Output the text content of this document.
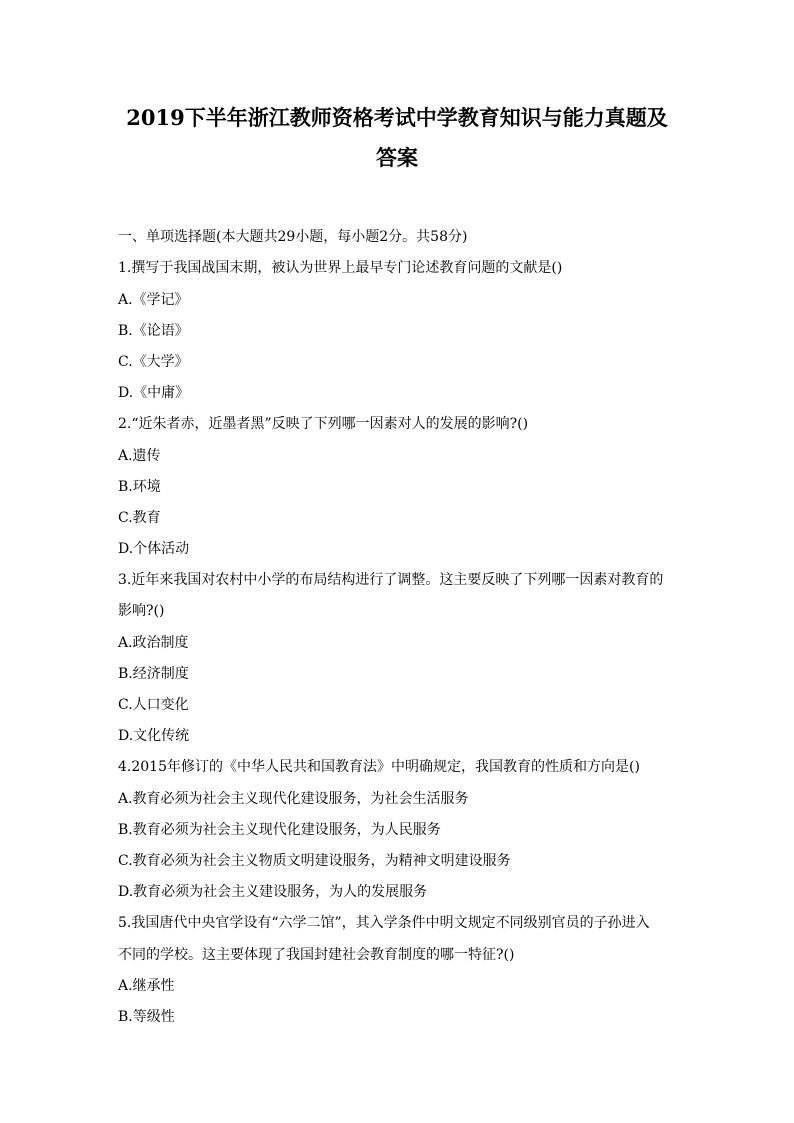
2019下半年浙江教师资格考试中学教育知识与能力真题及
答案
一、单项选择题(本大题共29小题，每小题2分。共58分)
1.撰写于我国战国末期，被认为世界上最早专门论述教育问题的文献是()
A.《学记》
B.《论语》
C.《大学》
D.《中庸》
2.“近朱者赤，近墨者黑”反映了下列哪一因素对人的发展的影响?()
A.遗传
B.环境
C.教育
D.个体活动
3.近年来我国对农村中小学的布局结构进行了调整。这主要反映了下列哪一因素对教育的
影响?()
A.政治制度
B.经济制度
C.人口变化
D.文化传统
4.2015年修订的《中华人民共和国教育法》中明确规定，我国教育的性质和方向是()
A.教育必须为社会主义现代化建设服务，为社会生活服务
B.教育必须为社会主义现代化建设服务，为人民服务
C.教育必须为社会主义物质文明建设服务，为精神文明建设服务
D.教育必须为社会主义建设服务，为人的发展服务
5.我国唐代中央官学设有“六学二馆”，其入学条件中明文规定不同级别官员的子孙进入
不同的学校。这主要体现了我国封建社会教育制度的哪一特征?()
A.继承性
B.等级性
